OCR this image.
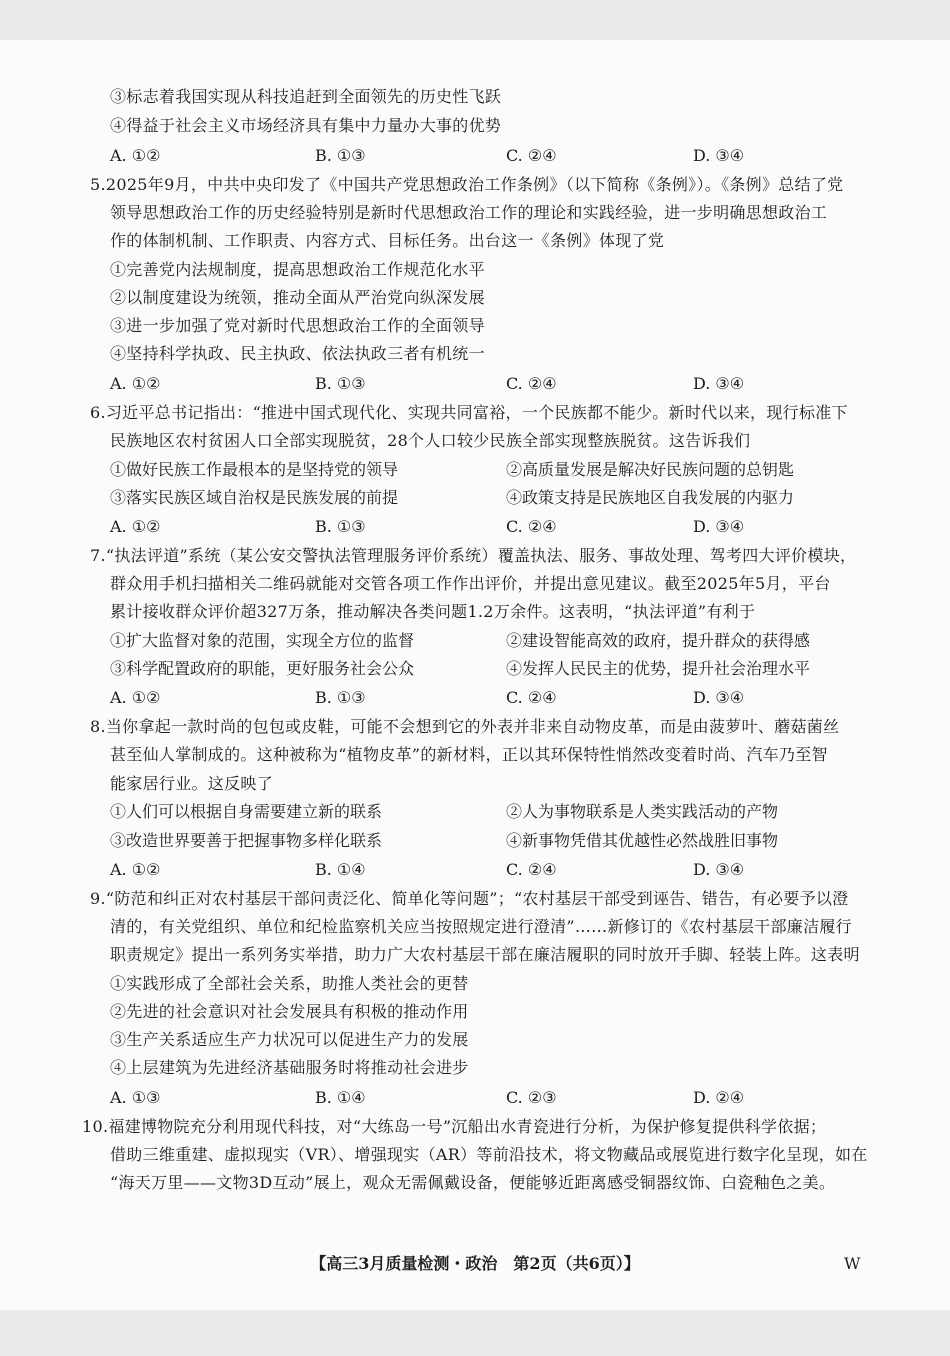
③标志着我国实现从科技追赶到全面领先的历史性飞跃
④得益于社会主义市场经济具有集中力量办大事的优势
A. ①②	B. ①③	C. ②④	D. ③④
5.2025年9月，中共中央印发了《中国共产党思想政治工作条例》（以下简称《条例》）。《条例》总结了党
领导思想政治工作的历史经验特别是新时代思想政治工作的理论和实践经验，进一步明确思想政治工
作的体制机制、工作职责、内容方式、目标任务。出台这一《条例》体现了党
①完善党内法规制度，提高思想政治工作规范化水平
②以制度建设为统领，推动全面从严治党向纵深发展
③进一步加强了党对新时代思想政治工作的全面领导
④坚持科学执政、民主执政、依法执政三者有机统一
A. ①②	B. ①③	C. ②④	D. ③④
6.习近平总书记指出：“推进中国式现代化、实现共同富裕，一个民族都不能少。新时代以来，现行标准下
民族地区农村贫困人口全部实现脱贫，28个人口较少民族全部实现整族脱贫。这告诉我们
①做好民族工作最根本的是坚持党的领导	②高质量发展是解决好民族问题的总钥匙
③落实民族区域自治权是民族发展的前提	④政策支持是民族地区自我发展的内驱力
A. ①②	B. ①③	C. ②④	D. ③④
7.“执法评道”系统（某公安交警执法管理服务评价系统）覆盖执法、服务、事故处理、驾考四大评价模块，
群众用手机扫描相关二维码就能对交管各项工作作出评价，并提出意见建议。截至2025年5月，平台
累计接收群众评价超327万条，推动解决各类问题1.2万余件。这表明，“执法评道”有利于
①扩大监督对象的范围，实现全方位的监督	②建设智能高效的政府，提升群众的获得感
③科学配置政府的职能，更好服务社会公众	④发挥人民民主的优势，提升社会治理水平
A. ①②	B. ①③	C. ②④	D. ③④
8.当你拿起一款时尚的包包或皮鞋，可能不会想到它的外表并非来自动物皮革，而是由菠萝叶、蘑菇菌丝
甚至仙人掌制成的。这种被称为“植物皮革”的新材料，正以其环保特性悄然改变着时尚、汽车乃至智
能家居行业。这反映了
①人们可以根据自身需要建立新的联系	②人为事物联系是人类实践活动的产物
③改造世界要善于把握事物多样化联系	④新事物凭借其优越性必然战胜旧事物
A. ①②	B. ①④	C. ②④	D. ③④
9.“防范和纠正对农村基层干部问责泛化、简单化等问题”；“农村基层干部受到诬告、错告，有必要予以澄
清的，有关党组织、单位和纪检监察机关应当按照规定进行澄清”……新修订的《农村基层干部廉洁履行
职责规定》提出一系列务实举措，助力广大农村基层干部在廉洁履职的同时放开手脚、轻装上阵。这表明
①实践形成了全部社会关系，助推人类社会的更替
②先进的社会意识对社会发展具有积极的推动作用
③生产关系适应生产力状况可以促进生产力的发展
④上层建筑为先进经济基础服务时将推动社会进步
A. ①③	B. ①④	C. ②③	D. ②④
10.福建博物院充分利用现代科技，对“大练岛一号”沉船出水青瓷进行分析，为保护修复提供科学依据；
借助三维重建、虚拟现实（VR）、增强现实（AR）等前沿技术，将文物藏品或展览进行数字化呈现，如在
“海天万里——文物3D互动”展上，观众无需佩戴设备，便能够近距离感受铜器纹饰、白瓷釉色之美。
【高三3月质量检测・政治　第2页（共6页）】	W
